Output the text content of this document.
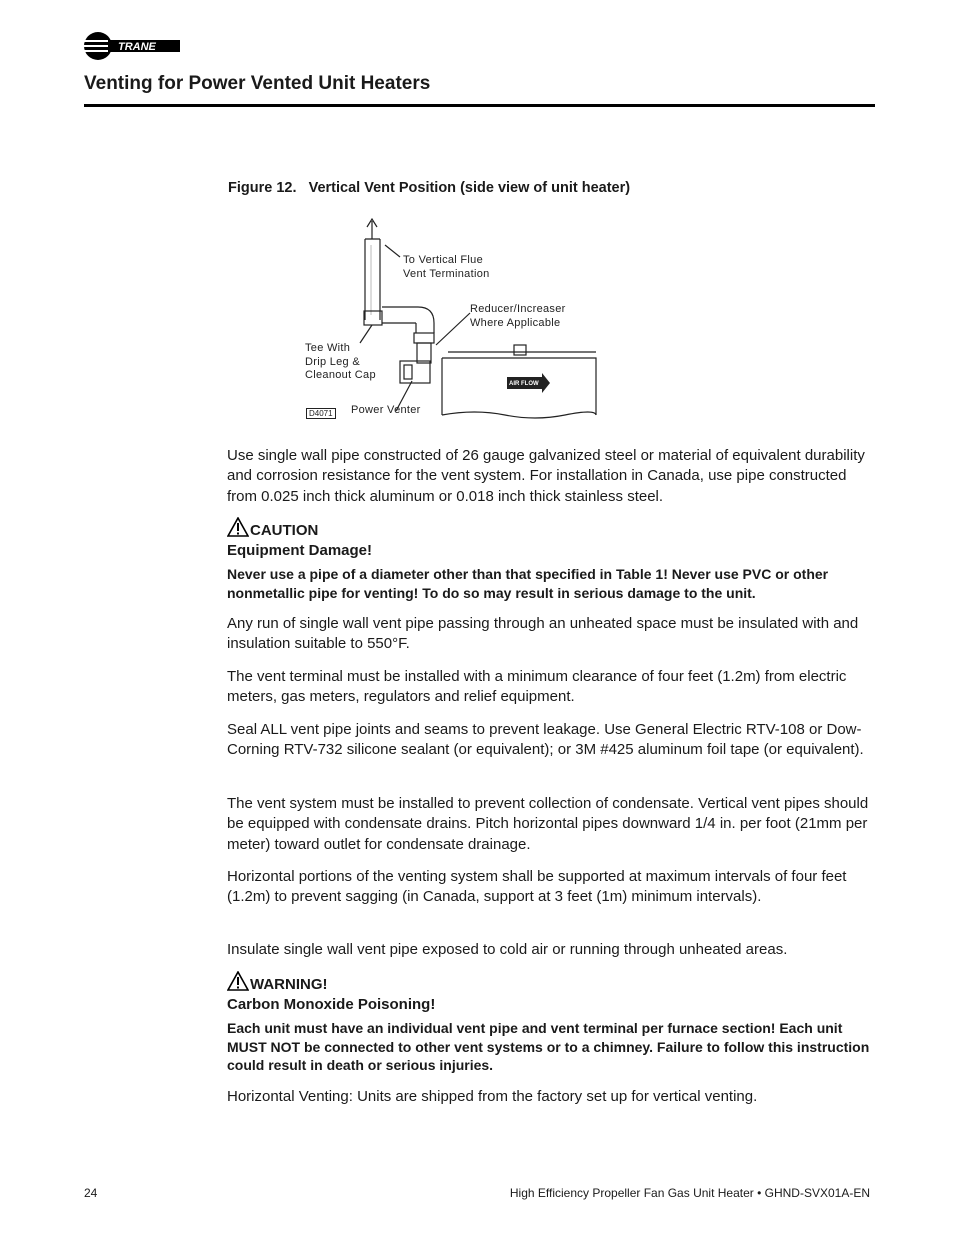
TRANE
Venting for Power Vented Unit Heaters
Figure 12.   Vertical Vent Position (side view of unit heater)
AIR FLOW
To Vertical Flue
Vent Termination
Reducer/Increaser
Where Applicable
Tee With
Drip Leg &
Cleanout Cap
Power Venter
D4071

Use single wall pipe constructed of 26 gauge galvanized steel or material of equivalent durability and corrosion resistance for the vent system. For installation in Canada, use pipe constructed from 0.025 inch thick aluminum or 0.018 inch thick stainless steel.

CAUTION
Equipment Damage!
Never use a pipe of a diameter other than that specified in Table 1! Never use PVC or other nonmetallic pipe for venting! To do so may result in serious damage to the unit.

Any run of single wall vent pipe passing through an unheated space must be insulated with and insulation suitable to 550°F.

The vent terminal must be installed with a minimum clearance of four feet (1.2m) from electric meters, gas meters, regulators and relief equipment.

Seal ALL vent pipe joints and seams to prevent leakage. Use General Electric RTV-108 or Dow-Corning RTV-732 silicone sealant (or equivalent); or 3M #425 aluminum foil tape (or equivalent).

The vent system must be installed to prevent collection of condensate. Vertical vent pipes should be equipped with condensate drains. Pitch horizontal pipes downward 1/4 in. per foot (21mm per meter) toward outlet for condensate drainage.

Horizontal portions of the venting system shall be supported at maximum intervals of four feet (1.2m) to prevent sagging (in Canada, support at 3 feet (1m) minimum intervals).

Insulate single wall vent pipe exposed to cold air or running through unheated areas.

WARNING!
Carbon Monoxide Poisoning!
Each unit must have an individual vent pipe and vent terminal per furnace section! Each unit MUST NOT be connected to other vent systems or to a chimney. Failure to follow this instruction could result in death or serious injuries.

Horizontal Venting: Units are shipped from the factory set up for vertical venting.

24	High Efficiency Propeller Fan Gas Unit Heater • GHND-SVX01A-EN
